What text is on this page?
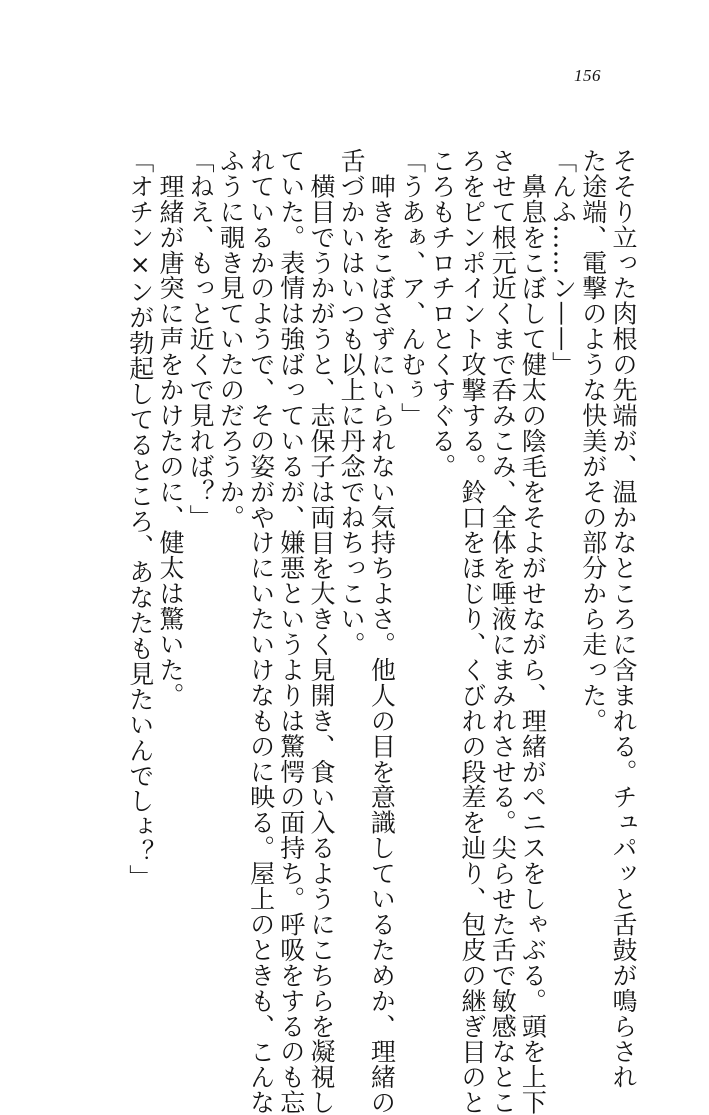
156
そそり立った肉根の先端が、温かなところに含まれる。チュパッと舌鼓が鳴らされ
た途端、電撃のような快美がその部分から走った。
「んふ……ン——」
　鼻息をこぼして健太の陰毛をそよがせながら、理緒がペニスをしゃぶる。頭を上下
させて根元近くまで呑みこみ、全体を唾液にまみれさせる。尖らせた舌で敏感なとこ
ろをピンポイント攻撃する。鈴口をほじり、くびれの段差を辿り、包皮の継ぎ目のと
ころもチロチロとくすぐる。
「うあぁ、ア、んむぅ」
　呻きをこぼさずにいられない気持ちよさ。他人の目を意識しているためか、理緒の
舌づかいはいつも以上に丹念でねちっこい。
　横目でうかがうと、志保子は両目を大きく見開き、食い入るようにこちらを凝視し
ていた。表情は強ばっているが、嫌悪というよりは驚愕の面持ち。呼吸をするのも忘
れているかのようで、その姿がやけにいたいけなものに映る。屋上のときも、こんな
ふうに覗き見ていたのだろうか。
「ねえ、もっと近くで見れば？」
　理緒が唐突に声をかけたのに、健太は驚いた。
「オチン×ンが勃起してるところ、あなたも見たいんでしょ？」
